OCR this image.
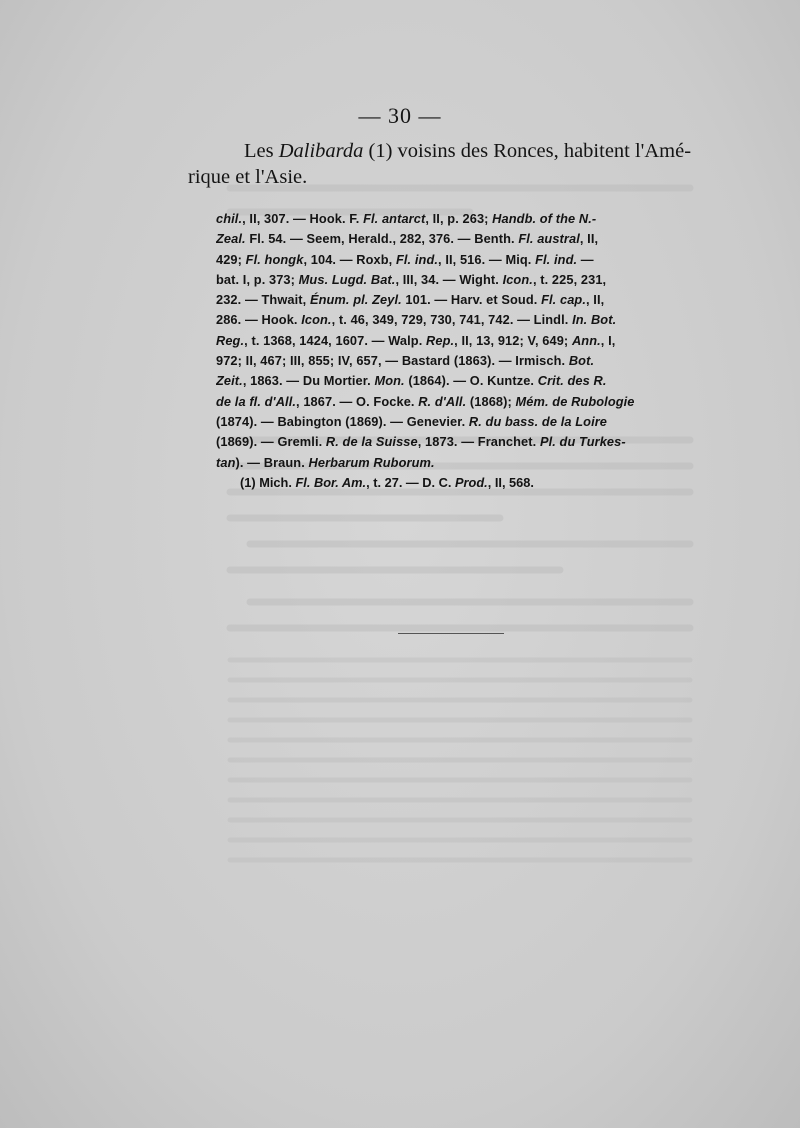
— 30 —
Les Dalibarda (1) voisins des Ronces, habitent l'Amé-
rique et l'Asie.
chil., II, 307. — Hook. F. Fl. antarct, II, p. 263; Handb. of the N.-
Zeal. Fl. 54. — Seem, Herald., 282, 376. — Benth. Fl. austral, II,
429; Fl. hongk, 104. — Roxb, Fl. ind., II, 516. — Miq. Fl. ind. —
bat. I, p. 373; Mus. Lugd. Bat., III, 34. — Wight. Icon., t. 225, 231,
232. — Thwait, Énum. pl. Zeyl. 101. — Harv. et Soud. Fl. cap., II,
286. — Hook. Icon., t. 46, 349, 729, 730, 741, 742. — Lindl. In. Bot.
Reg., t. 1368, 1424, 1607. — Walp. Rep., II, 13, 912; V, 649; Ann., I,
972; II, 467; III, 855; IV, 657, — Bastard (1863). — Irmisch. Bot.
Zeit., 1863. — Du Mortier. Mon. (1864). — O. Kuntze. Crit. des R.
de la fl. d'All., 1867. — O. Focke. R. d'All. (1868); Mém. de Rubologie
(1874). — Babington (1869). — Genevier. R. du bass. de la Loire
(1869). — Gremli. R. de la Suisse, 1873. — Franchet. Pl. du Turkes-
tan). — Braun. Herbarum Ruborum.
(1) Mich. Fl. Bor. Am., t. 27. — D. C. Prod., II, 568.
